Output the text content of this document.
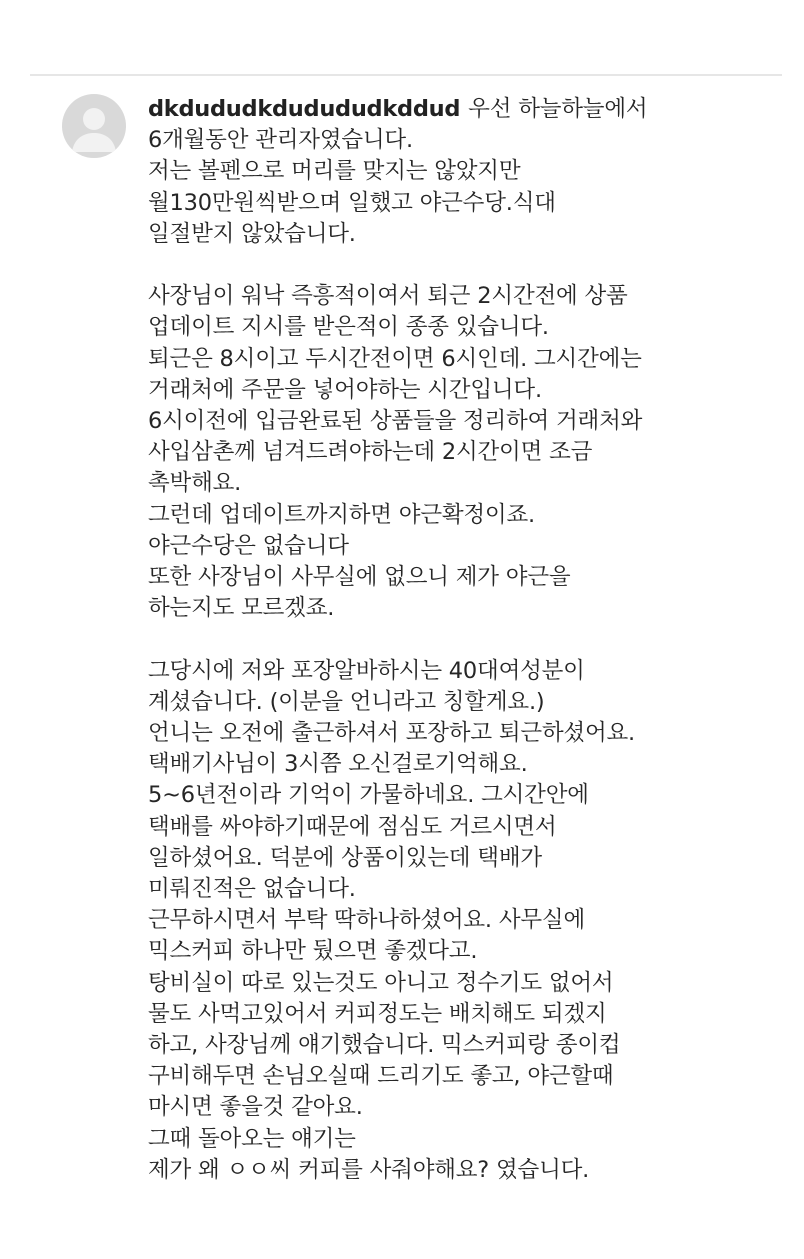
dkdudud​kdudududkddud 우선 하늘하늘에서
6개월동안 관리자였습니다.
저는 볼펜으로 머리를 맞지는 않았지만
월130만원씩받으며 일했고 야근수당.식대
일절받지 않았습니다.
사장님이 워낙 즉흥적이여서 퇴근 2시간전에 상품
업데이트 지시를 받은적이 종종 있습니다.
퇴근은 8시이고 두시간전이면 6시인데. 그시간에는
거래처에 주문을 넣어야하는 시간입니다.
6시이전에 입금완료된 상품들을 정리하여 거래처와
사입삼촌께 넘겨드려야하는데 2시간이면 조금
촉박해요.
그런데 업데이트까지하면 야근확정이죠.
야근수당은 없습니다
또한 사장님이 사무실에 없으니 제가 야근을
하는지도 모르겠죠.
그당시에 저와 포장알바하시는 40대여성분이
계셨습니다. (이분을 언니라고 칭할게요.)
언니는 오전에 출근하셔서 포장하고 퇴근하셨어요.
택배기사님이 3시쯤 오신걸로기억해요.
5~6년전이라 기억이 가물하네요. 그시간안에
택배를 싸야하기때문에 점심도 거르시면서
일하셨어요. 덕분에 상품이있는데 택배가
미뤄진적은 없습니다.
근무하시면서 부탁 딱하나하셨어요. 사무실에
믹스커피 하나만 뒀으면 좋겠다고.
탕비실이 따로 있는것도 아니고 정수기도 없어서
물도 사먹고있어서 커피정도는 배치해도 되겠지
하고, 사장님께 얘기했습니다. 믹스커피랑 종이컵
구비해두면 손님오실때 드리기도 좋고, 야근할때
마시면 좋을것 같아요.
그때 돌아오는 얘기는
제가 왜 ㅇㅇ씨 커피를 사줘야해요? 였습니다.
